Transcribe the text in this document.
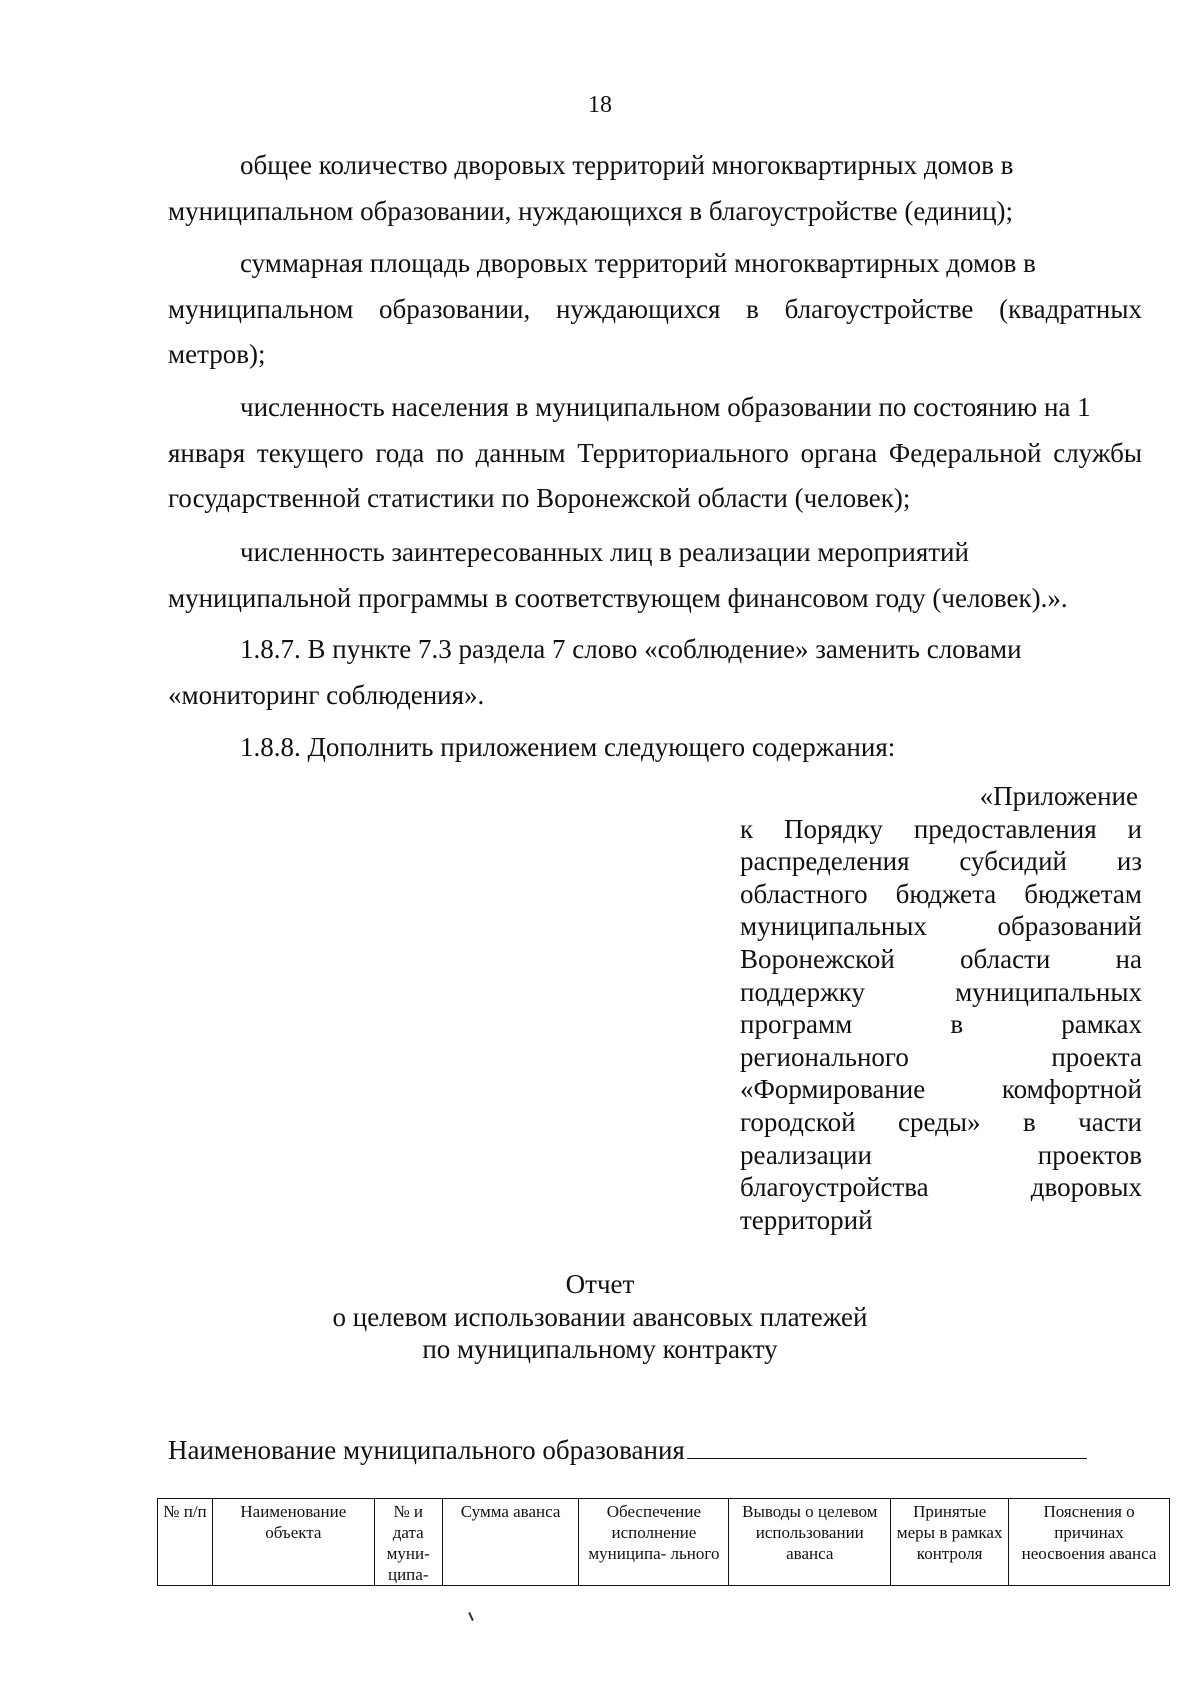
18
общее количество дворовых территорий многоквартирных домов в
муниципальном образовании, нуждающихся в благоустройстве (единиц);
суммарная площадь дворовых территорий многоквартирных домов в
муниципальном образовании, нуждающихся в благоустройстве (квадратных метров);
численность населения в муниципальном образовании по состоянию на 1
января текущего года по данным Территориального органа Федеральной службы государственной статистики по Воронежской области (человек);
численность заинтересованных лиц в реализации мероприятий
муниципальной программы в соответствующем финансовом году (человек).».
1.8.7. В пункте 7.3 раздела 7 слово «соблюдение» заменить словами
«мониторинг соблюдения».
1.8.8. Дополнить приложением следующего содержания:
«Приложение
к Порядку предоставления и
распределения субсидий из
областного бюджета бюджетам
муниципальных образований
Воронежской области на
поддержку муниципальных
программ в рамках
регионального проекта
«Формирование комфортной
городской среды» в части
реализации проектов
благоустройства дворовых
территорий
Отчет
о целевом использовании авансовых платежей
по муниципальному контракту
Наименование муниципального образования
№ п/п	Наименование объекта	№ и дата муни- ципа-	Сумма аванса	Обеспечение исполнение муниципа- льного	Выводы о целевом использовании аванса	Принятые меры в рамках контроля	Пояснения о причинах неосвоения аванса
